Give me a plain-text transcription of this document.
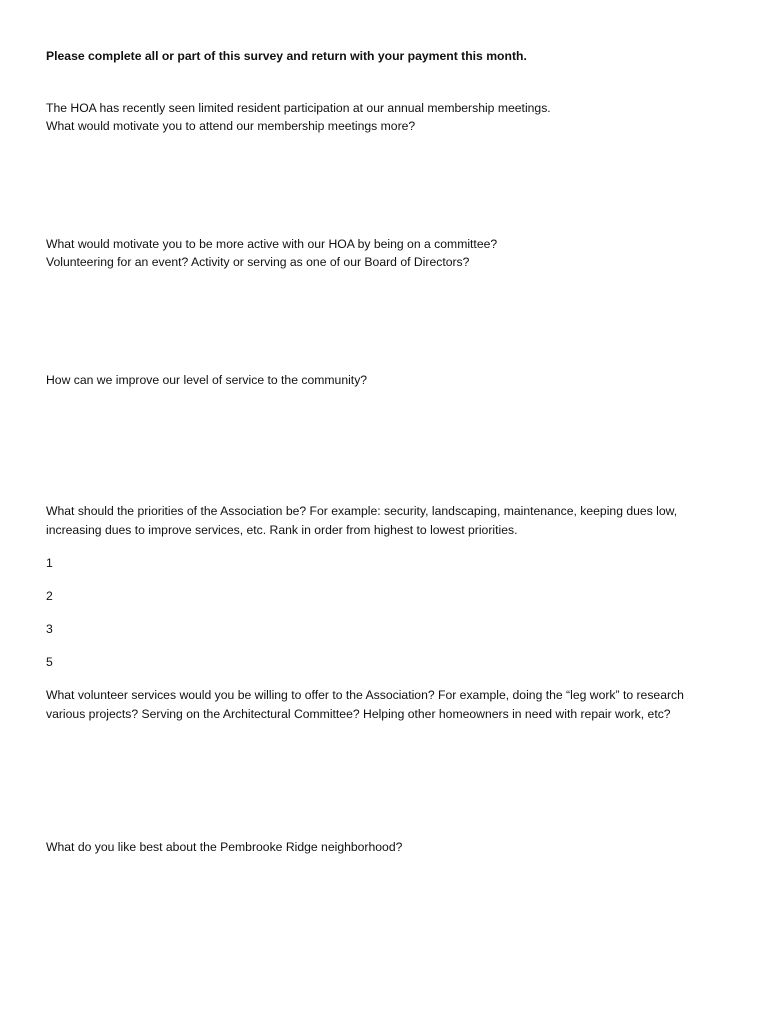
Please complete all or part of this survey and return with your payment this month.
The HOA has recently seen limited resident participation at our annual membership meetings.
What would motivate you to attend our membership meetings more?
What would motivate you to be more active with our HOA by being on a committee?
Volunteering for an event? Activity or serving as one of our Board of Directors?
How can we improve our level of service to the community?
What should the priorities of the Association be? For example: security, landscaping, maintenance, keeping dues low,
increasing dues to improve services, etc. Rank in order from highest to lowest priorities.
1
2
3
5
What volunteer services would you be willing to offer to the Association? For example, doing the “leg work” to research
various projects? Serving on the Architectural Committee? Helping other homeowners in need with repair work, etc?
What do you like best about the Pembrooke Ridge neighborhood?
